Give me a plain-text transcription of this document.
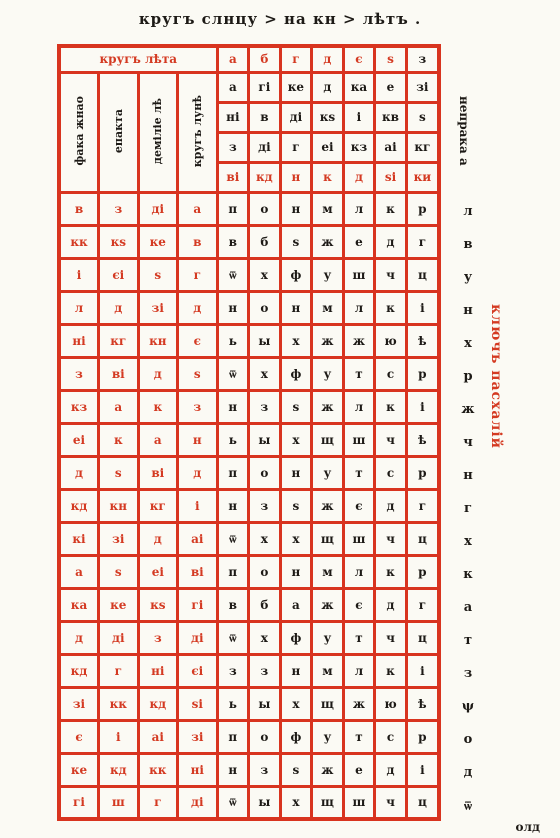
кругъ слнцу > на кн > лѣтъ .
кругъ лѣта				а	б	г	д	є	ѕ	з
фака жнао	епакта	деміліе лѣ	кругъ лунѣ	а	гі	ке	д	ка	е	зі
				ні	в	ді	кѕ	і	кв	ѕ
				з	ді	г	еі	кз	аі	кг
				ві	кд	н	к	д	ѕі	ки
в	з	ді	а	п	о	н	м	л	к	р
кк	кѕ	ке	в	в	б	ѕ	ж	е	д	г
і	єі	ѕ	г	ѿ	х	ф	у	ш	ч	ц
л	д	зі	д	н	о	н	м	л	к	і
ні	кг	кн	є	ь	ы	х	ж	ж	ю	ѣ
з	ві	д	ѕ	ѿ	х	ф	у	т	с	р
кз	а	к	з	н	з	ѕ	ж	л	к	і
еі	к	а	н	ь	ы	х	щ	ш	ч	ѣ
д	ѕ	ві	д	п	о	н	у	т	с	р
кд	кн	кг	і	н	з	ѕ	ж	є	д	г
кі	зі	д	аі	ѿ	х	х	щ	ш	ч	ц
а	ѕ	еі	ві	п	о	н	м	л	к	р
ка	ке	кѕ	гі	в	б	а	ж	є	д	г
д	ді	з	ді	ѿ	х	ф	у	т	ч	ц
кд	г	ні	єі	з	з	н	м	л	к	і
зі	кк	кд	ѕі	ь	ы	х	щ	ж	ю	ѣ
є	і	аі	зі	п	о	ф	у	т	с	р
ке	кд	кк	ні	н	з	ѕ	ж	е	д	і
гі	ш	г	ді	ѿ	ы	х	щ	ш	ч	ц
непрака а
л
в
у
н
х
р
ж
ч
н
г
х
к
а
т
з
ψ
о
д
ѿ
ключъ пасхалій
олд
